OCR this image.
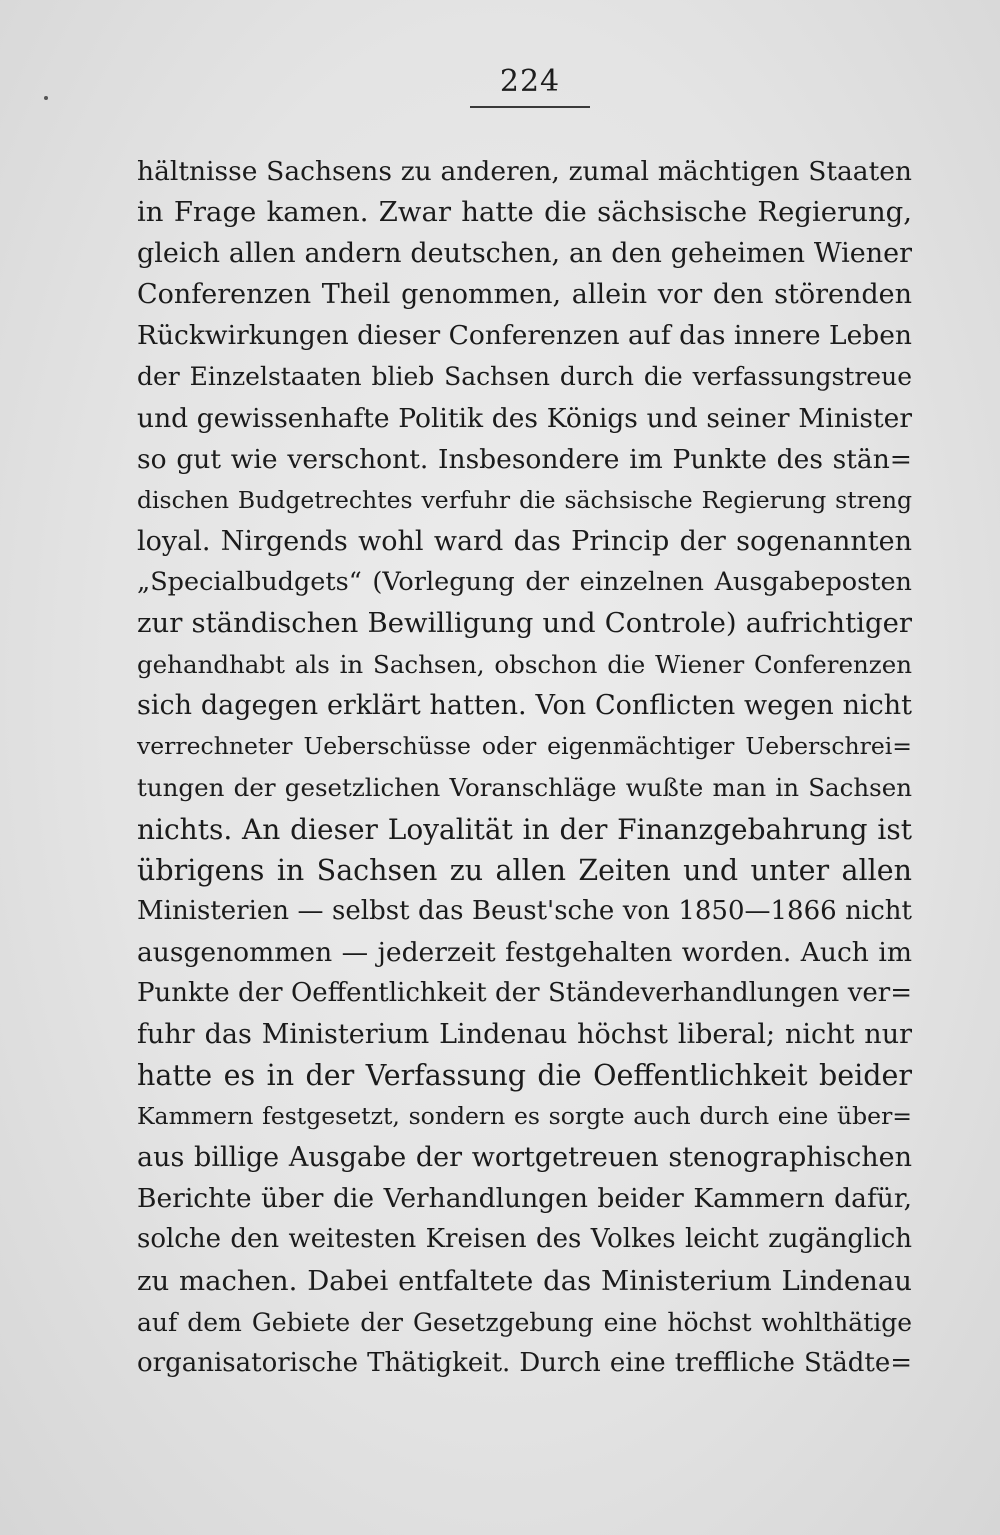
224
hältnisse Sachsens zu anderen, zumal mächtigen Staaten
in Frage kamen. Zwar hatte die sächsische Regierung,
gleich allen andern deutschen, an den geheimen Wiener
Conferenzen Theil genommen, allein vor den störenden
Rückwirkungen dieser Conferenzen auf das innere Leben
der Einzelstaaten blieb Sachsen durch die verfassungstreue
und gewissenhafte Politik des Königs und seiner Minister
so gut wie verschont. Insbesondere im Punkte des stän=
dischen Budgetrechtes verfuhr die sächsische Regierung streng
loyal. Nirgends wohl ward das Princip der sogenannten
„Specialbudgets“ (Vorlegung der einzelnen Ausgabeposten
zur ständischen Bewilligung und Controle) aufrichtiger
gehandhabt als in Sachsen, obschon die Wiener Conferenzen
sich dagegen erklärt hatten. Von Conflicten wegen nicht
verrechneter Ueberschüsse oder eigenmächtiger Ueberschrei=
tungen der gesetzlichen Voranschläge wußte man in Sachsen
nichts. An dieser Loyalität in der Finanzgebahrung ist
übrigens in Sachsen zu allen Zeiten und unter allen
Ministerien — selbst das Beust'sche von 1850—1866 nicht
ausgenommen — jederzeit festgehalten worden. Auch im
Punkte der Oeffentlichkeit der Ständeverhandlungen ver=
fuhr das Ministerium Lindenau höchst liberal; nicht nur
hatte es in der Verfassung die Oeffentlichkeit beider
Kammern festgesetzt, sondern es sorgte auch durch eine über=
aus billige Ausgabe der wortgetreuen stenographischen
Berichte über die Verhandlungen beider Kammern dafür,
solche den weitesten Kreisen des Volkes leicht zugänglich
zu machen. Dabei entfaltete das Ministerium Lindenau
auf dem Gebiete der Gesetzgebung eine höchst wohlthätige
organisatorische Thätigkeit. Durch eine treffliche Städte=
